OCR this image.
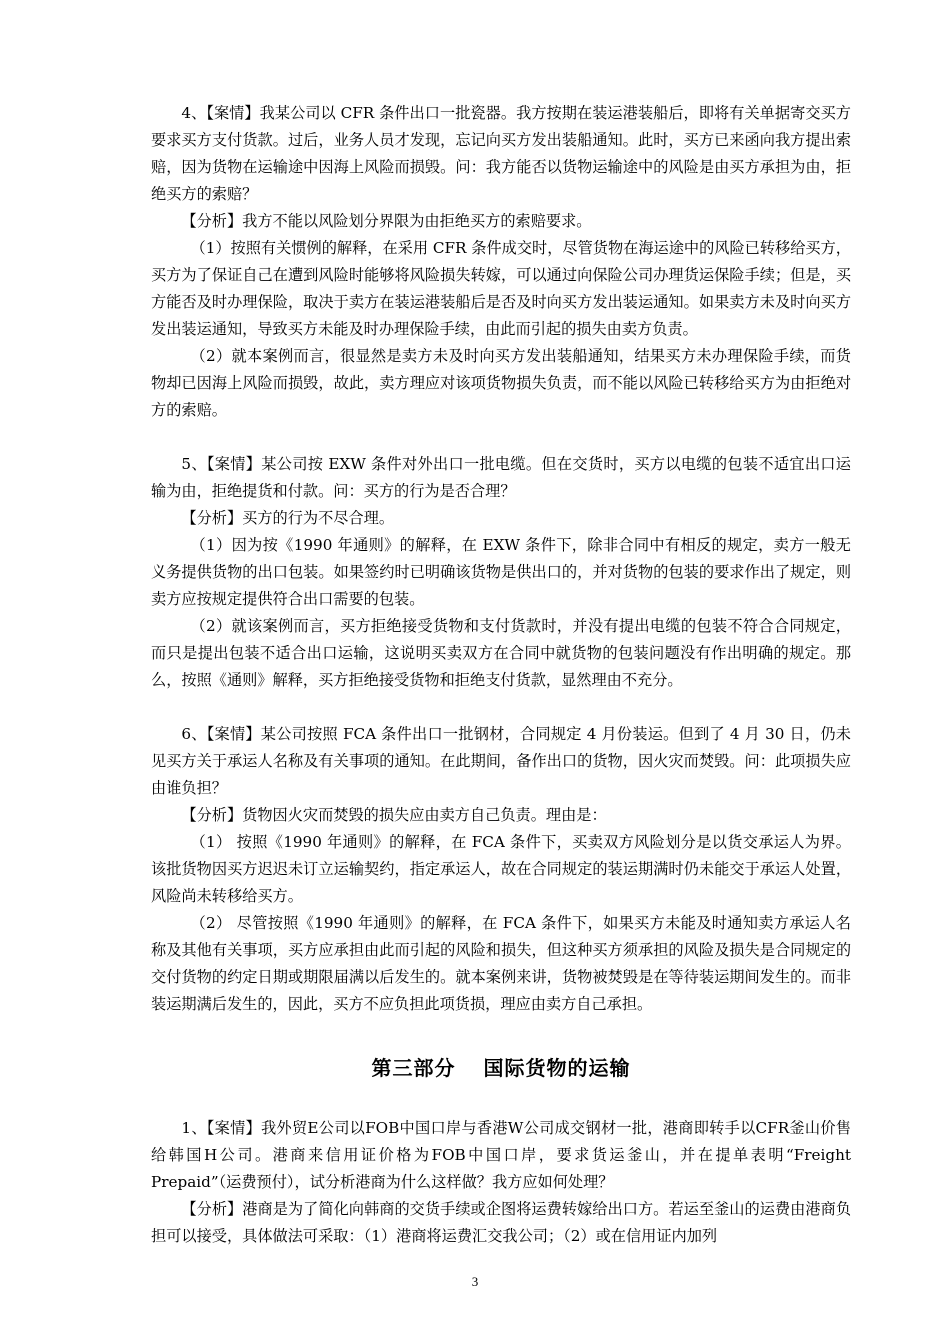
4、【案情】我某公司以 CFR 条件出口一批瓷器。我方按期在装运港装船后，即将有关单据寄交买方要求买方支付货款。过后，业务人员才发现，忘记向买方发出装船通知。此时，买方已来函向我方提出索赔，因为货物在运输途中因海上风险而损毁。问：我方能否以货物运输途中的风险是由买方承担为由，拒绝买方的索赔？

【分析】我方不能以风险划分界限为由拒绝买方的索赔要求。

（1）按照有关惯例的解释，在采用 CFR 条件成交时，尽管货物在海运途中的风险已转移给买方，买方为了保证自己在遭到风险时能够将风险损失转嫁，可以通过向保险公司办理货运保险手续；但是，买方能否及时办理保险，取决于卖方在装运港装船后是否及时向买方发出装运通知。如果卖方未及时向买方发出装运通知，导致买方未能及时办理保险手续，由此而引起的损失由卖方负责。

（2）就本案例而言，很显然是卖方未及时向买方发出装船通知，结果买方未办理保险手续，而货物却已因海上风险而损毁，故此，卖方理应对该项货物损失负责，而不能以风险已转移给买方为由拒绝对方的索赔。

5、【案情】某公司按 EXW 条件对外出口一批电缆。但在交货时，买方以电缆的包装不适宜出口运输为由，拒绝提货和付款。问：买方的行为是否合理？

【分析】买方的行为不尽合理。

（1）因为按《1990 年通则》的解释，在 EXW 条件下，除非合同中有相反的规定，卖方一般无义务提供货物的出口包装。如果签约时已明确该货物是供出口的，并对货物的包装的要求作出了规定，则卖方应按规定提供符合出口需要的包装。

（2）就该案例而言，买方拒绝接受货物和支付货款时，并没有提出电缆的包装不符合合同规定，而只是提出包装不适合出口运输，这说明买卖双方在合同中就货物的包装问题没有作出明确的规定。那么，按照《通则》解释，买方拒绝接受货物和拒绝支付货款，显然理由不充分。

6、【案情】某公司按照 FCA 条件出口一批钢材，合同规定 4 月份装运。但到了 4 月 30 日，仍未见买方关于承运人名称及有关事项的通知。在此期间，备作出口的货物，因火灾而焚毁。问：此项损失应由谁负担？

【分析】货物因火灾而焚毁的损失应由卖方自己负责。理由是：

（1） 按照《1990 年通则》的解释，在 FCA 条件下，买卖双方风险划分是以货交承运人为界。该批货物因买方迟迟未订立运输契约，指定承运人，故在合同规定的装运期满时仍未能交于承运人处置，风险尚未转移给买方。

（2） 尽管按照《1990 年通则》的解释，在 FCA 条件下，如果买方未能及时通知卖方承运人名称及其他有关事项，买方应承担由此而引起的风险和损失，但这种买方须承担的风险及损失是合同规定的交付货物的约定日期或期限届满以后发生的。就本案例来讲，货物被焚毁是在等待装运期间发生的。而非装运期满后发生的，因此，买方不应负担此项货损，理应由卖方自己承担。

第三部分 国际货物的运输

1、【案情】我外贸E公司以FOB中国口岸与香港W公司成交钢材一批，港商即转手以CFR釜山价售给韩国H公司。港商来信用证价格为FOB中国口岸，要求货运釜山，并在提单表明“Freight Prepaid”（运费预付），试分析港商为什么这样做？我方应如何处理？

【分析】港商是为了简化向韩商的交货手续或企图将运费转嫁给出口方。若运至釜山的运费由港商负担可以接受，具体做法可采取：（1）港商将运费汇交我公司；（2）或在信用证内加列

3
